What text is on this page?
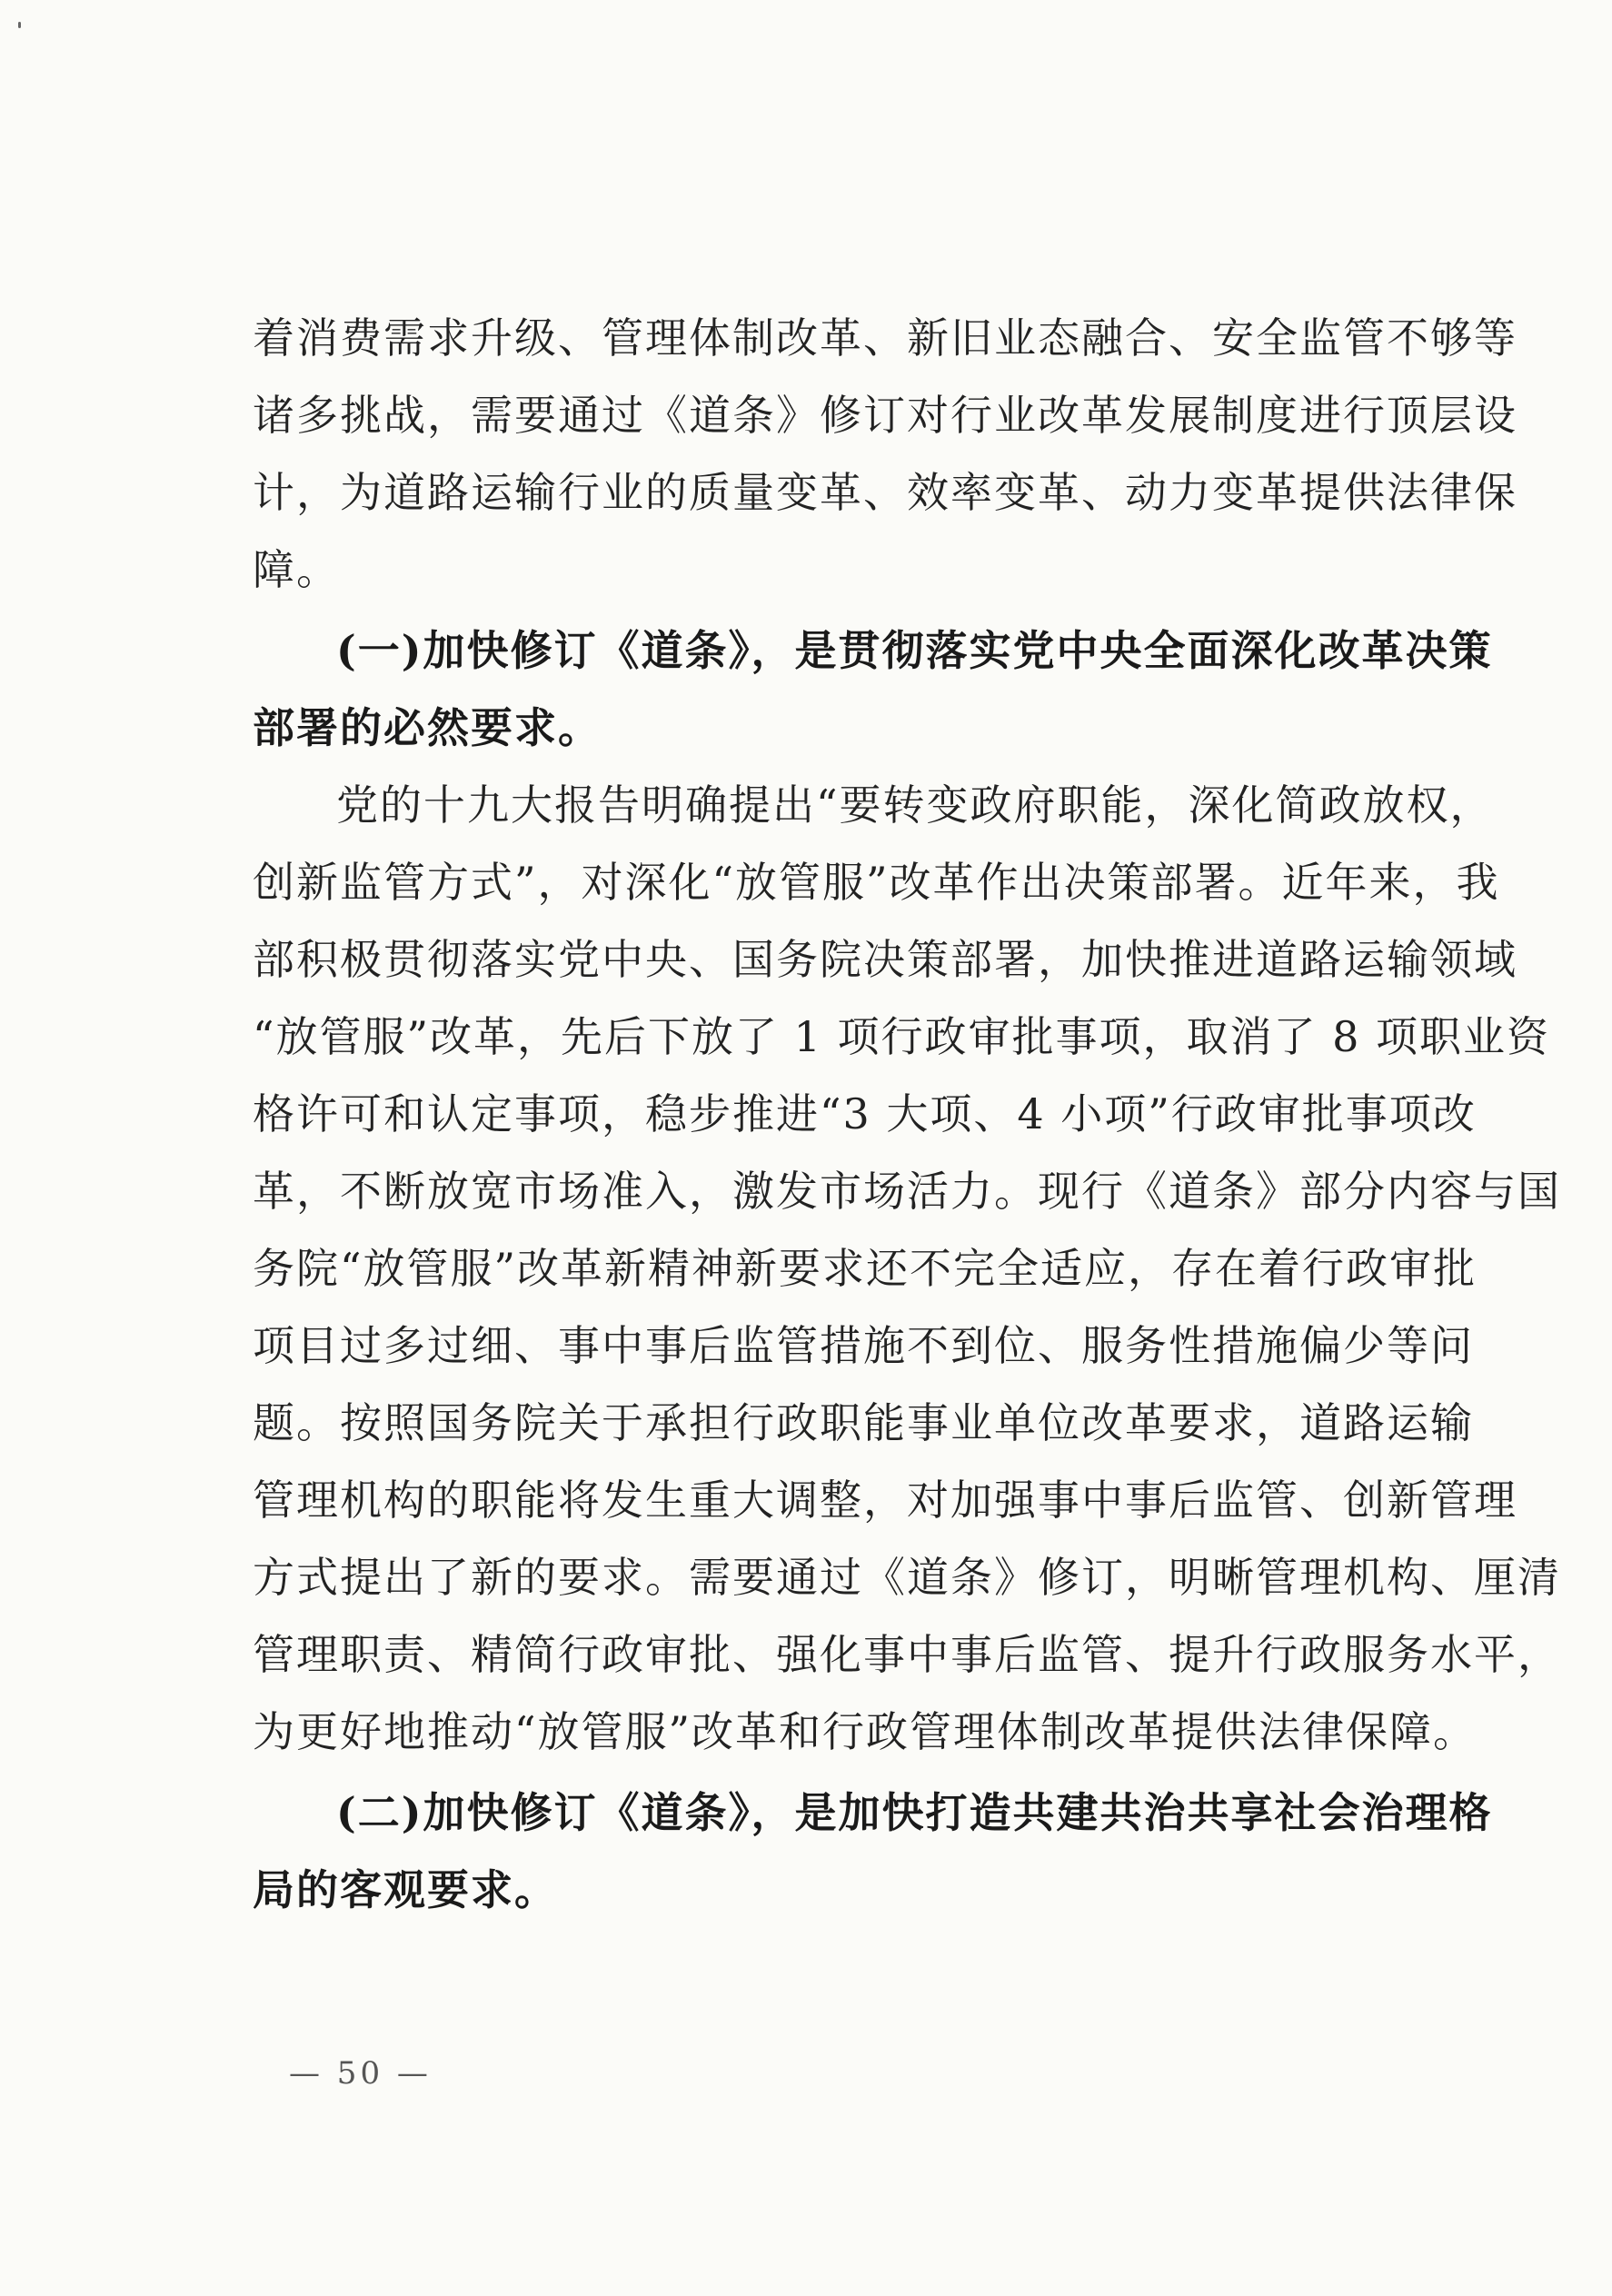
着消费需求升级、管理体制改革、新旧业态融合、安全监管不够等
诸多挑战，需要通过《道条》修订对行业改革发展制度进行顶层设
计，为道路运输行业的质量变革、效率变革、动力变革提供法律保
障。
(一)加快修订《道条》，是贯彻落实党中央全面深化改革决策
部署的必然要求。
党的十九大报告明确提出“要转变政府职能，深化简政放权，
创新监管方式”，对深化“放管服”改革作出决策部署。近年来，我
部积极贯彻落实党中央、国务院决策部署，加快推进道路运输领域
“放管服”改革，先后下放了 1 项行政审批事项，取消了 8 项职业资
格许可和认定事项，稳步推进“3 大项、4 小项”行政审批事项改
革，不断放宽市场准入，激发市场活力。现行《道条》部分内容与国
务院“放管服”改革新精神新要求还不完全适应，存在着行政审批
项目过多过细、事中事后监管措施不到位、服务性措施偏少等问
题。按照国务院关于承担行政职能事业单位改革要求，道路运输
管理机构的职能将发生重大调整，对加强事中事后监管、创新管理
方式提出了新的要求。需要通过《道条》修订，明晰管理机构、厘清
管理职责、精简行政审批、强化事中事后监管、提升行政服务水平，
为更好地推动“放管服”改革和行政管理体制改革提供法律保障。
(二)加快修订《道条》，是加快打造共建共治共享社会治理格
局的客观要求。
— 50 —
